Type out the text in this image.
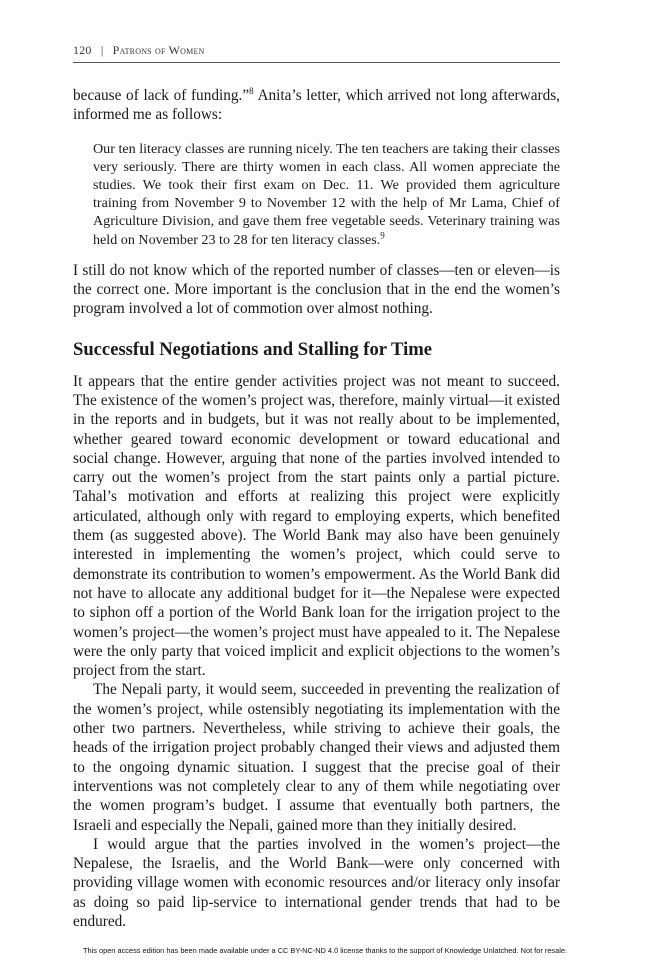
120 | Patrons of Women

because of lack of funding.”$^8$ Anita’s letter, which arrived not long afterwards, informed me as follows:

Our ten literacy classes are running nicely. The ten teachers are taking their classes very seriously. There are thirty women in each class. All women appreciate the studies. We took their first exam on Dec. 11. We provided them agriculture training from November 9 to November 12 with the help of Mr Lama, Chief of Agriculture Division, and gave them free vegetable seeds. Veterinary training was held on November 23 to 28 for ten literacy classes.$^9$

I still do not know which of the reported number of classes—ten or eleven—is the correct one. More important is the conclusion that in the end the women’s program involved a lot of commotion over almost nothing.

Successful Negotiations and Stalling for Time

It appears that the entire gender activities project was not meant to succeed. The existence of the women’s project was, therefore, mainly virtual—it existed in the reports and in budgets, but it was not really about to be implemented, whether geared toward economic development or toward educational and social change. However, arguing that none of the parties involved intended to carry out the women’s project from the start paints only a partial picture. Tahal’s motivation and efforts at realizing this project were explicitly articulated, although only with regard to employing experts, which benefited them (as suggested above). The World Bank may also have been genuinely interested in implementing the women’s project, which could serve to demonstrate its contribution to women’s empowerment. As the World Bank did not have to allocate any additional budget for it—the Nepalese were expected to siphon off a portion of the World Bank loan for the irrigation project to the women’s project—the women’s project must have appealed to it. The Nepalese were the only party that voiced implicit and explicit objections to the women’s project from the start.

The Nepali party, it would seem, succeeded in preventing the realization of the women’s project, while ostensibly negotiating its implementation with the other two partners. Nevertheless, while striving to achieve their goals, the heads of the irrigation project probably changed their views and adjusted them to the ongoing dynamic situation. I suggest that the precise goal of their interventions was not completely clear to any of them while negotiating over the women program’s budget. I assume that eventually both partners, the Israeli and especially the Nepali, gained more than they initially desired.

I would argue that the parties involved in the women’s project—the Nepalese, the Israelis, and the World Bank—were only concerned with providing village women with economic resources and/or literacy only insofar as doing so paid lip-service to international gender trends that had to be endured.

This open access edition has been made available under a CC BY-NC-ND 4.0 license thanks to the support of Knowledge Unlatched. Not for resale.
